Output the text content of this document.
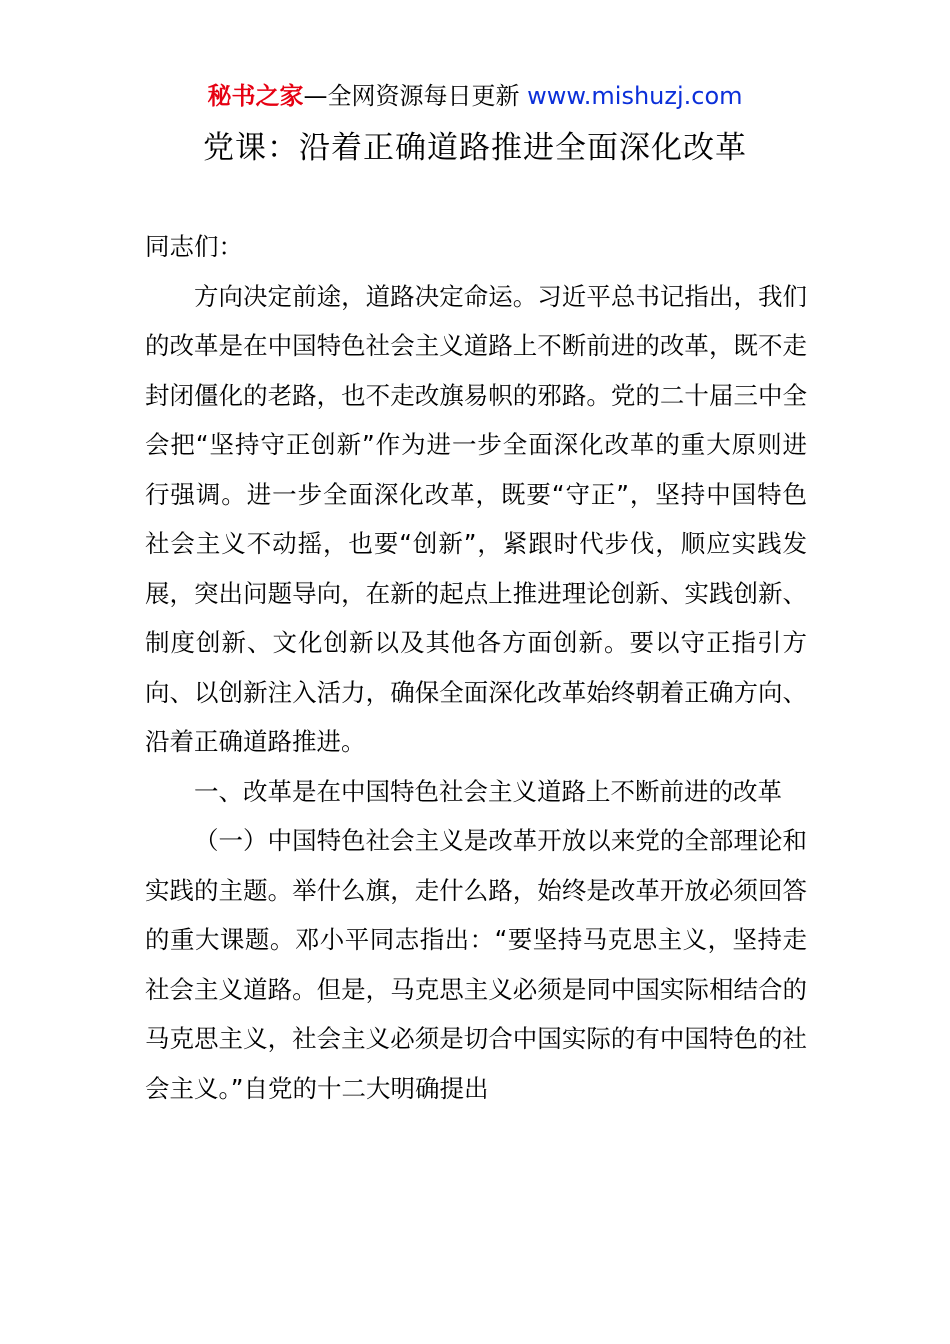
秘书之家—全网资源每日更新 www.mishuzj.com
党课：沿着正确道路推进全面深化改革

同志们：

方向决定前途，道路决定命运。习近平总书记指出，我们的改革是在中国特色社会主义道路上不断前进的改革，既不走封闭僵化的老路，也不走改旗易帜的邪路。党的二十届三中全会把“坚持守正创新”作为进一步全面深化改革的重大原则进行强调。进一步全面深化改革，既要“守正”，坚持中国特色社会主义不动摇，也要“创新”，紧跟时代步伐，顺应实践发展，突出问题导向，在新的起点上推进理论创新、实践创新、制度创新、文化创新以及其他各方面创新。要以守正指引方向、以创新注入活力，确保全面深化改革始终朝着正确方向、沿着正确道路推进。

一、改革是在中国特色社会主义道路上不断前进的改革

（一）中国特色社会主义是改革开放以来党的全部理论和实践的主题。举什么旗，走什么路，始终是改革开放必须回答的重大课题。邓小平同志指出：“要坚持马克思主义，坚持走社会主义道路。但是，马克思主义必须是同中国实际相结合的马克思主义，社会主义必须是切合中国实际的有中国特色的社会主义。”自党的十二大明确提出
